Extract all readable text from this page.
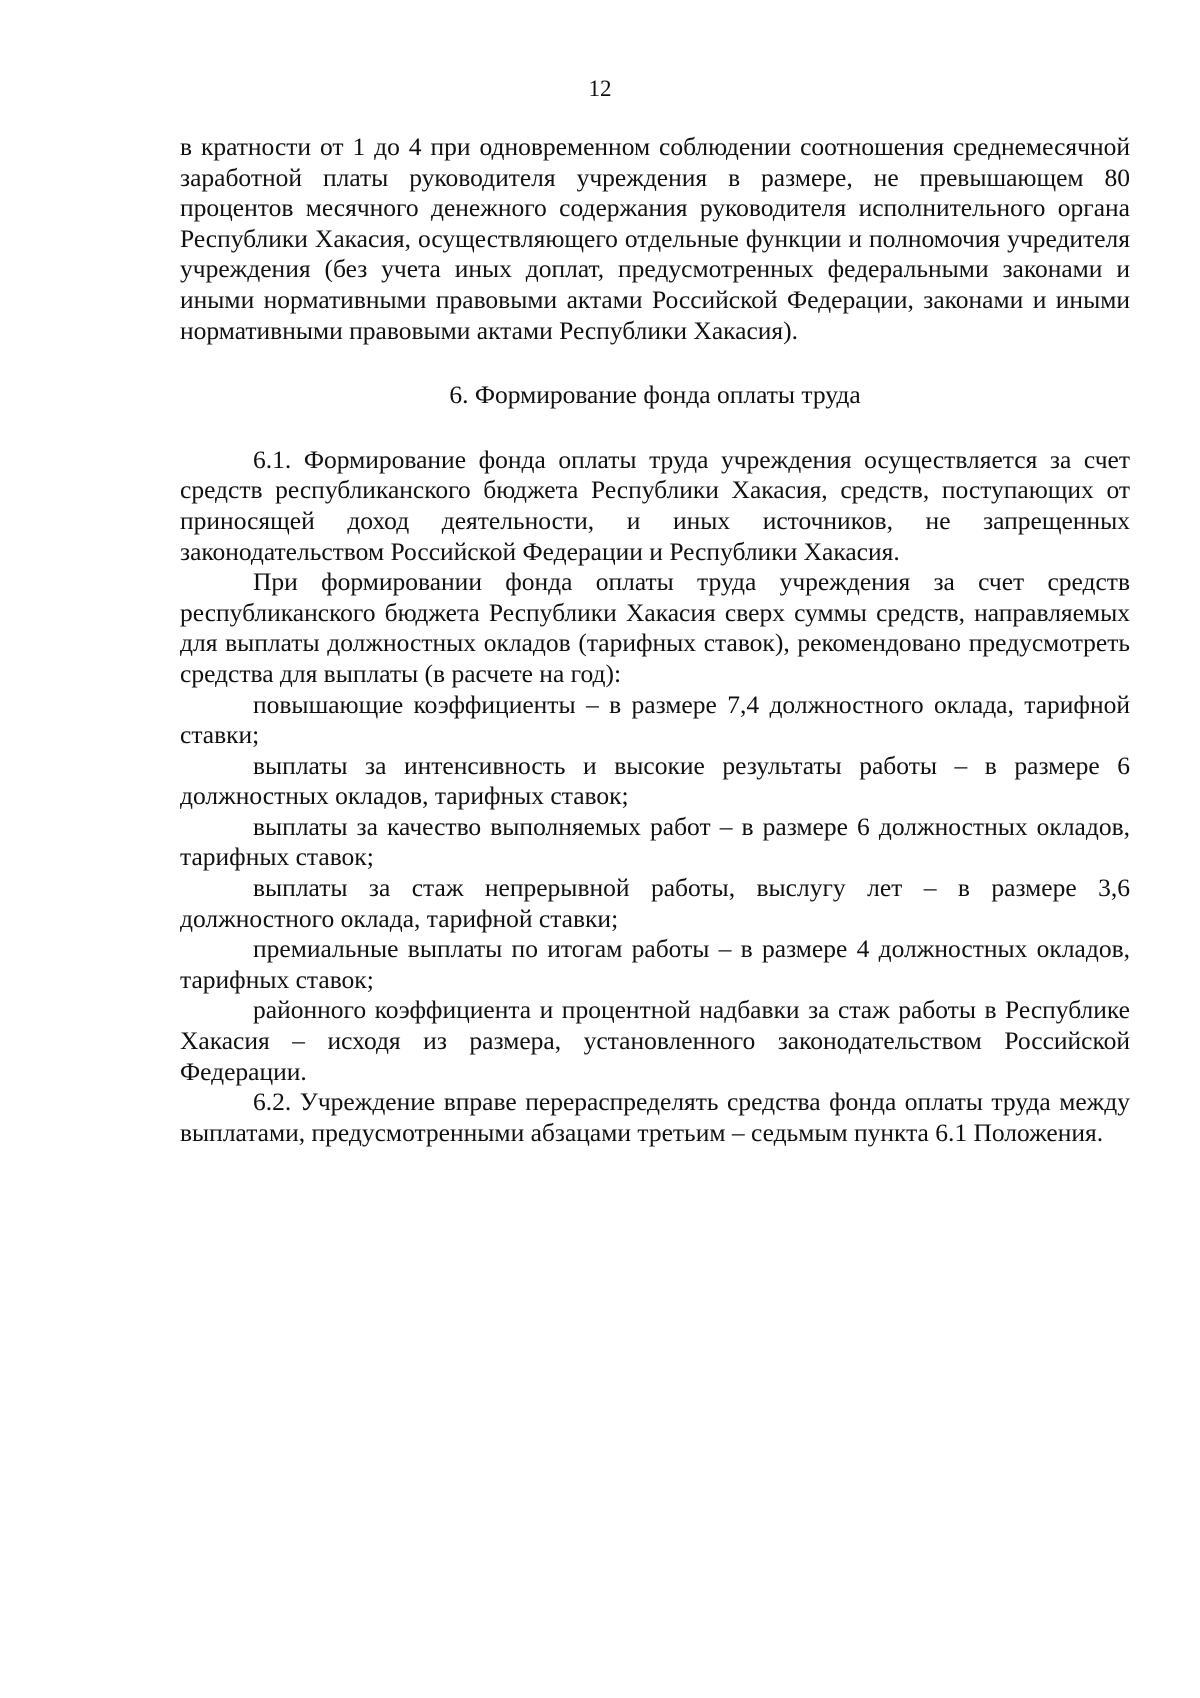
12

в кратности от 1 до 4 при одновременном соблюдении соотношения среднемесячной заработной платы руководителя учреждения в размере, не превышающем 80 процентов месячного денежного содержания руководителя исполнительного органа Республики Хакасия, осуществляющего отдельные функции и полномочия учредителя учреждения (без учета иных доплат, предусмотренных федеральными законами и иными нормативными правовыми актами Российской Федерации, законами и иными нормативными правовыми актами Республики Хакасия).

6. Формирование фонда оплаты труда

6.1. Формирование фонда оплаты труда учреждения осуществляется за счет средств республиканского бюджета Республики Хакасия, средств, поступающих от приносящей доход деятельности, и иных источников, не запрещенных законодательством Российской Федерации и Республики Хакасия.

При формировании фонда оплаты труда учреждения за счет средств республиканского бюджета Республики Хакасия сверх суммы средств, направляемых для выплаты должностных окладов (тарифных ставок), рекомендовано предусмотреть средства для выплаты (в расчете на год):

повышающие коэффициенты – в размере 7,4 должностного оклада, тарифной ставки;

выплаты за интенсивность и высокие результаты работы – в размере 6 должностных окладов, тарифных ставок;

выплаты за качество выполняемых работ – в размере 6 должностных окладов, тарифных ставок;

выплаты за стаж непрерывной работы, выслугу лет – в размере 3,6 должностного оклада, тарифной ставки;

премиальные выплаты по итогам работы – в размере 4 должностных окладов, тарифных ставок;

районного коэффициента и процентной надбавки за стаж работы в Республике Хакасия – исходя из размера, установленного законодательством Российской Федерации.

6.2. Учреждение вправе перераспределять средства фонда оплаты труда между выплатами, предусмотренными абзацами третьим – седьмым пункта 6.1 Положения.
